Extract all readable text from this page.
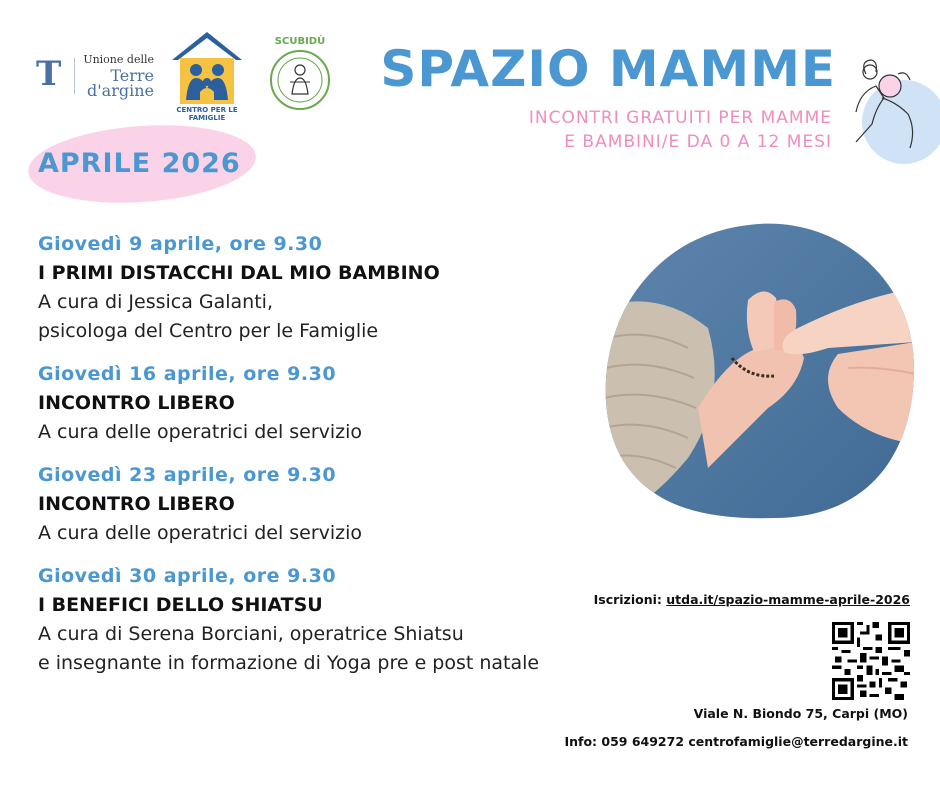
T	Unione delle
Terre d'argine
CENTRO PER LE FAMIGLIE
SCUBIDÙ SPAZIO MAMME
INCONTRI GRATUITI PER MAMME
E BAMBINI/E DA 0 A 12 MESI
APRILE 2026
Giovedì 9 aprile, ore 9.30
I PRIMI DISTACCHI DAL MIO BAMBINO
A cura di Jessica Galanti,
psicologa del Centro per le Famiglie
Giovedì 16 aprile, ore 9.30
INCONTRO LIBERO
A cura delle operatrici del servizio
Giovedì 23 aprile, ore 9.30
INCONTRO LIBERO
A cura delle operatrici del servizio
Giovedì 30 aprile, ore 9.30
I BENEFICI DELLO SHIATSU
A cura di Serena Borciani, operatrice Shiatsu
e insegnante in formazione di Yoga pre e post natale
Iscrizioni: utda.it/spazio-mamme-aprile-2026
Viale N. Biondo 75, Carpi (MO)
Info: 059 649272 centrofamiglie@terredargine.it
